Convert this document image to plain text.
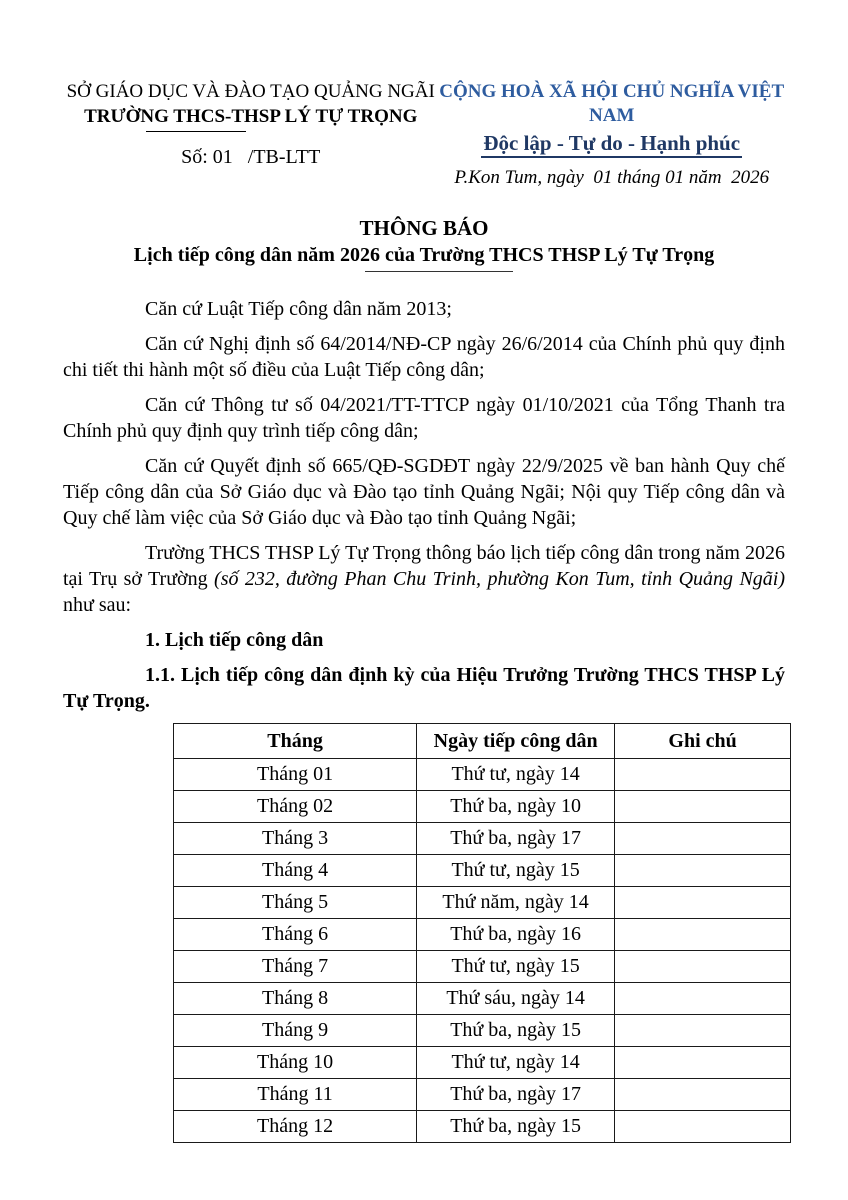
SỞ GIÁO DỤC VÀ ĐÀO TẠO QUẢNG NGÃI
TRƯỜNG THCS-THSP LÝ TỰ TRỌNG
Số: 01   /TB-LTT
CỘNG HOÀ XÃ HỘI CHỦ NGHĨA VIỆT NAM
Độc lập - Tự do - Hạnh phúc
P.Kon Tum, ngày  01 tháng 01 năm  2026
THÔNG BÁO
Lịch tiếp công dân năm 2026 của Trường THCS THSP Lý Tự Trọng

Căn cứ Luật Tiếp công dân năm 2013;

Căn cứ Nghị định số 64/2014/NĐ-CP ngày 26/6/2014 của Chính phủ quy định chi tiết thi hành một số điều của Luật Tiếp công dân;

Căn cứ Thông tư số 04/2021/TT-TTCP ngày 01/10/2021 của Tổng Thanh tra Chính phủ quy định quy trình tiếp công dân;

Căn cứ Quyết định số 665/QĐ-SGDĐT ngày 22/9/2025 về ban hành Quy chế Tiếp công dân của Sở Giáo dục và Đào tạo tỉnh Quảng Ngãi; Nội quy Tiếp công dân và Quy chế làm việc của Sở Giáo dục và Đào tạo tỉnh Quảng Ngãi;

Trường THCS THSP Lý Tự Trọng thông báo lịch tiếp công dân trong năm 2026 tại Trụ sở Trường (số 232, đường Phan Chu Trinh, phường Kon Tum, tỉnh Quảng Ngãi) như sau:

1. Lịch tiếp công dân
1.1. Lịch tiếp công dân định kỳ của Hiệu Trưởng Trường THCS THSP Lý Tự Trọng.
Tháng	Ngày tiếp công dân	Ghi chú
Tháng 01	Thứ tư, ngày 14	
Tháng 02	Thứ ba, ngày 10	
Tháng 3	Thứ ba, ngày 17	
Tháng 4	Thứ tư, ngày 15	
Tháng 5	Thứ năm, ngày 14	
Tháng 6	Thứ ba, ngày 16	
Tháng 7	Thứ tư, ngày 15	
Tháng 8	Thứ sáu, ngày 14	
Tháng 9	Thứ ba, ngày 15	
Tháng 10	Thứ tư, ngày 14	
Tháng 11	Thứ ba, ngày 17	
Tháng 12	Thứ ba, ngày 15	
